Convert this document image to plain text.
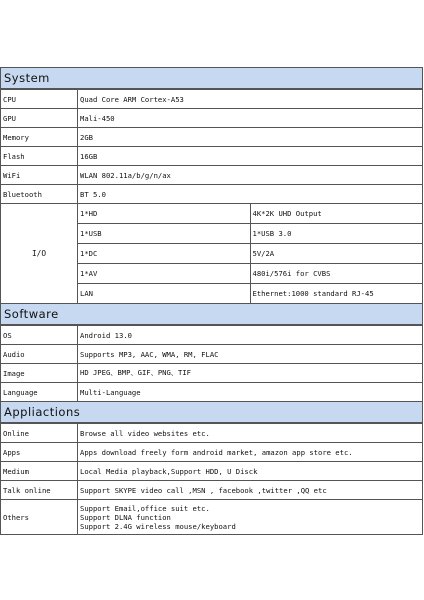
System
CPU	Quad Core ARM Cortex-A53	
GPU	Mali-450	
Memory	2GB	
Flash	16GB	
WiFi	WLAN 802.11a/b/g/n/ax	
Bluetooth	BT 5.0	
I/O	1*HD	4K*2K UHD Output
	1*USB	1*USB 3.0
	1*DC	5V/2A
	1*AV	480i/576i for CVBS
	LAN	Ethernet:1000 standard RJ-45
Software
OS	Android 13.0
Audio	Supports MP3, AAC, WMA, RM, FLAC
Image	HD JPEG、BMP、GIF、PNG、TIF
Language	Multi-Language
Appliactions
Online	Browse all video websites etc.
Apps	Apps download freely form android market, amazon app store etc.
Medium	Local Media playback,Support HDD, U Disck
Talk online	Support SKYPE video call ,MSN , facebook ,twitter ,QQ etc
Others	Support Email,office suit etc.
Support DLNA function
Support 2.4G wireless mouse/keyboard
